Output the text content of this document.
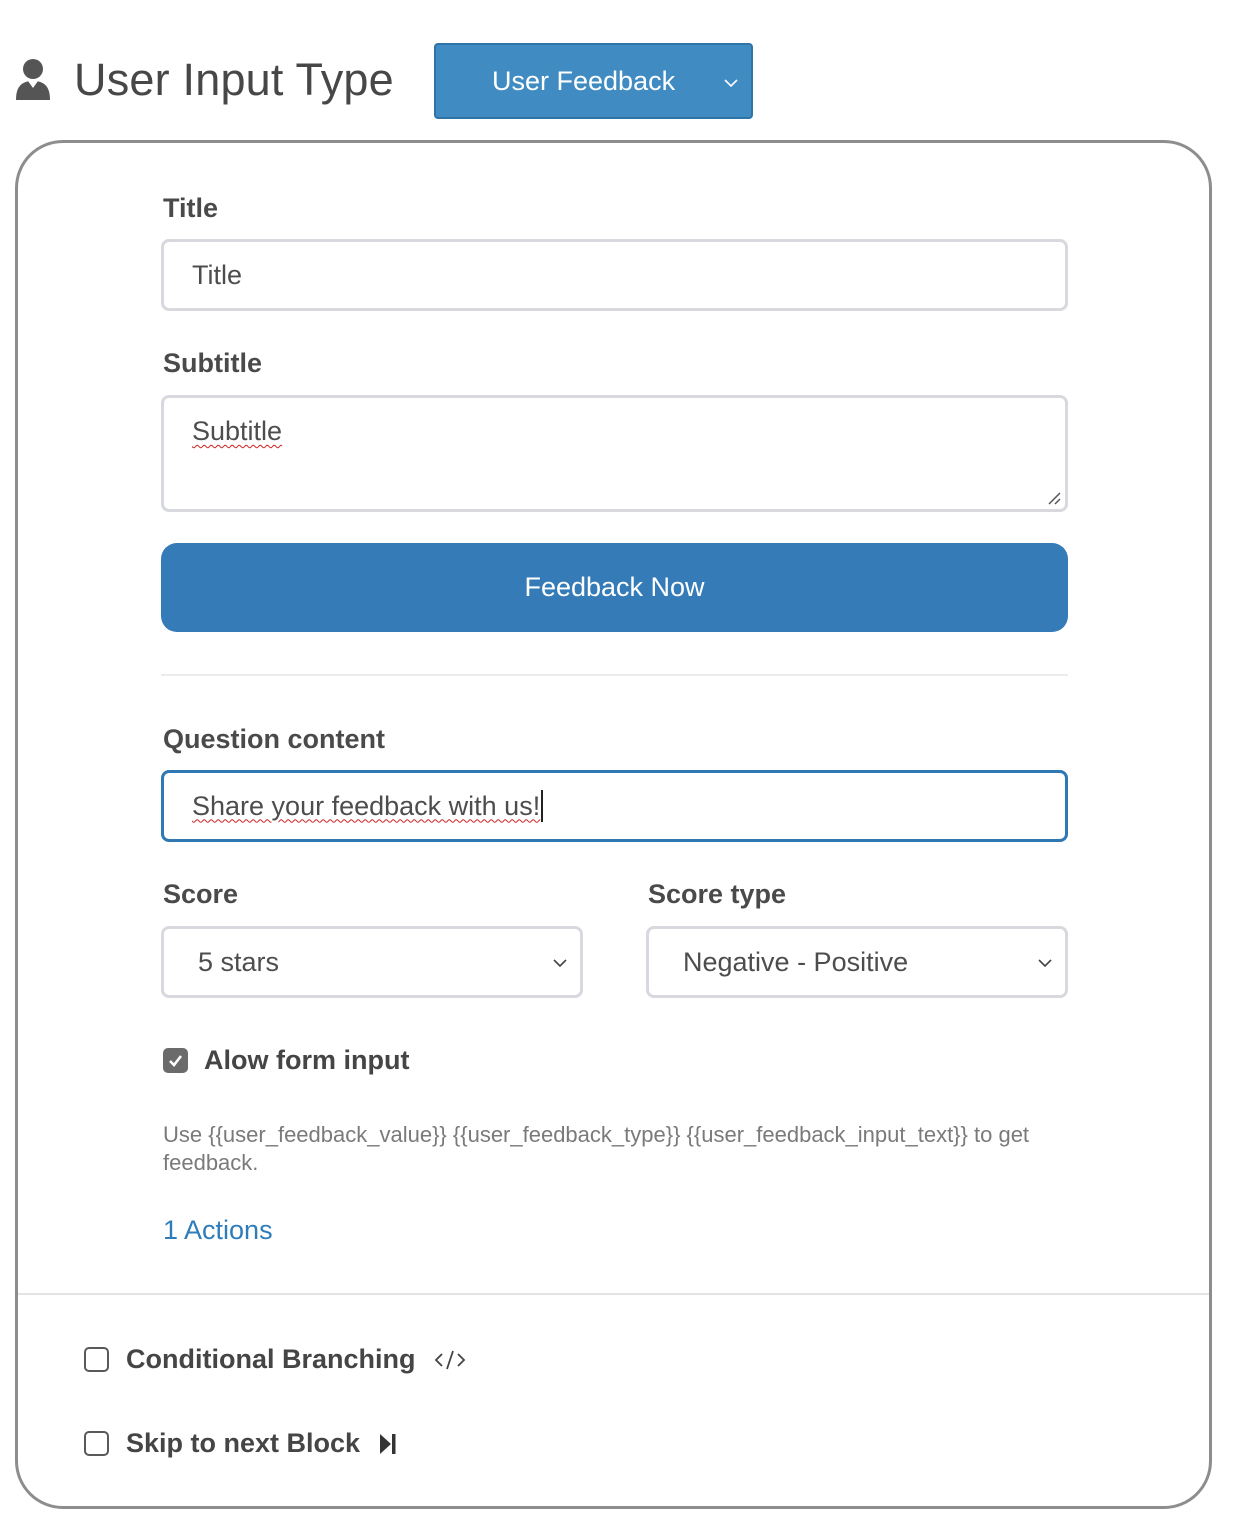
User Input Type	User Feedback
Title
Title
Subtitle
Subtitle
Feedback Now
Question content
Share your feedback with us!
Score
5 stars
Score type
Negative - Positive
Alow form input
Use {{user_feedback_value}} {{user_feedback_type}} {{user_feedback_input_text}} to get feedback.
1 Actions
Conditional Branching
Skip to next Block
